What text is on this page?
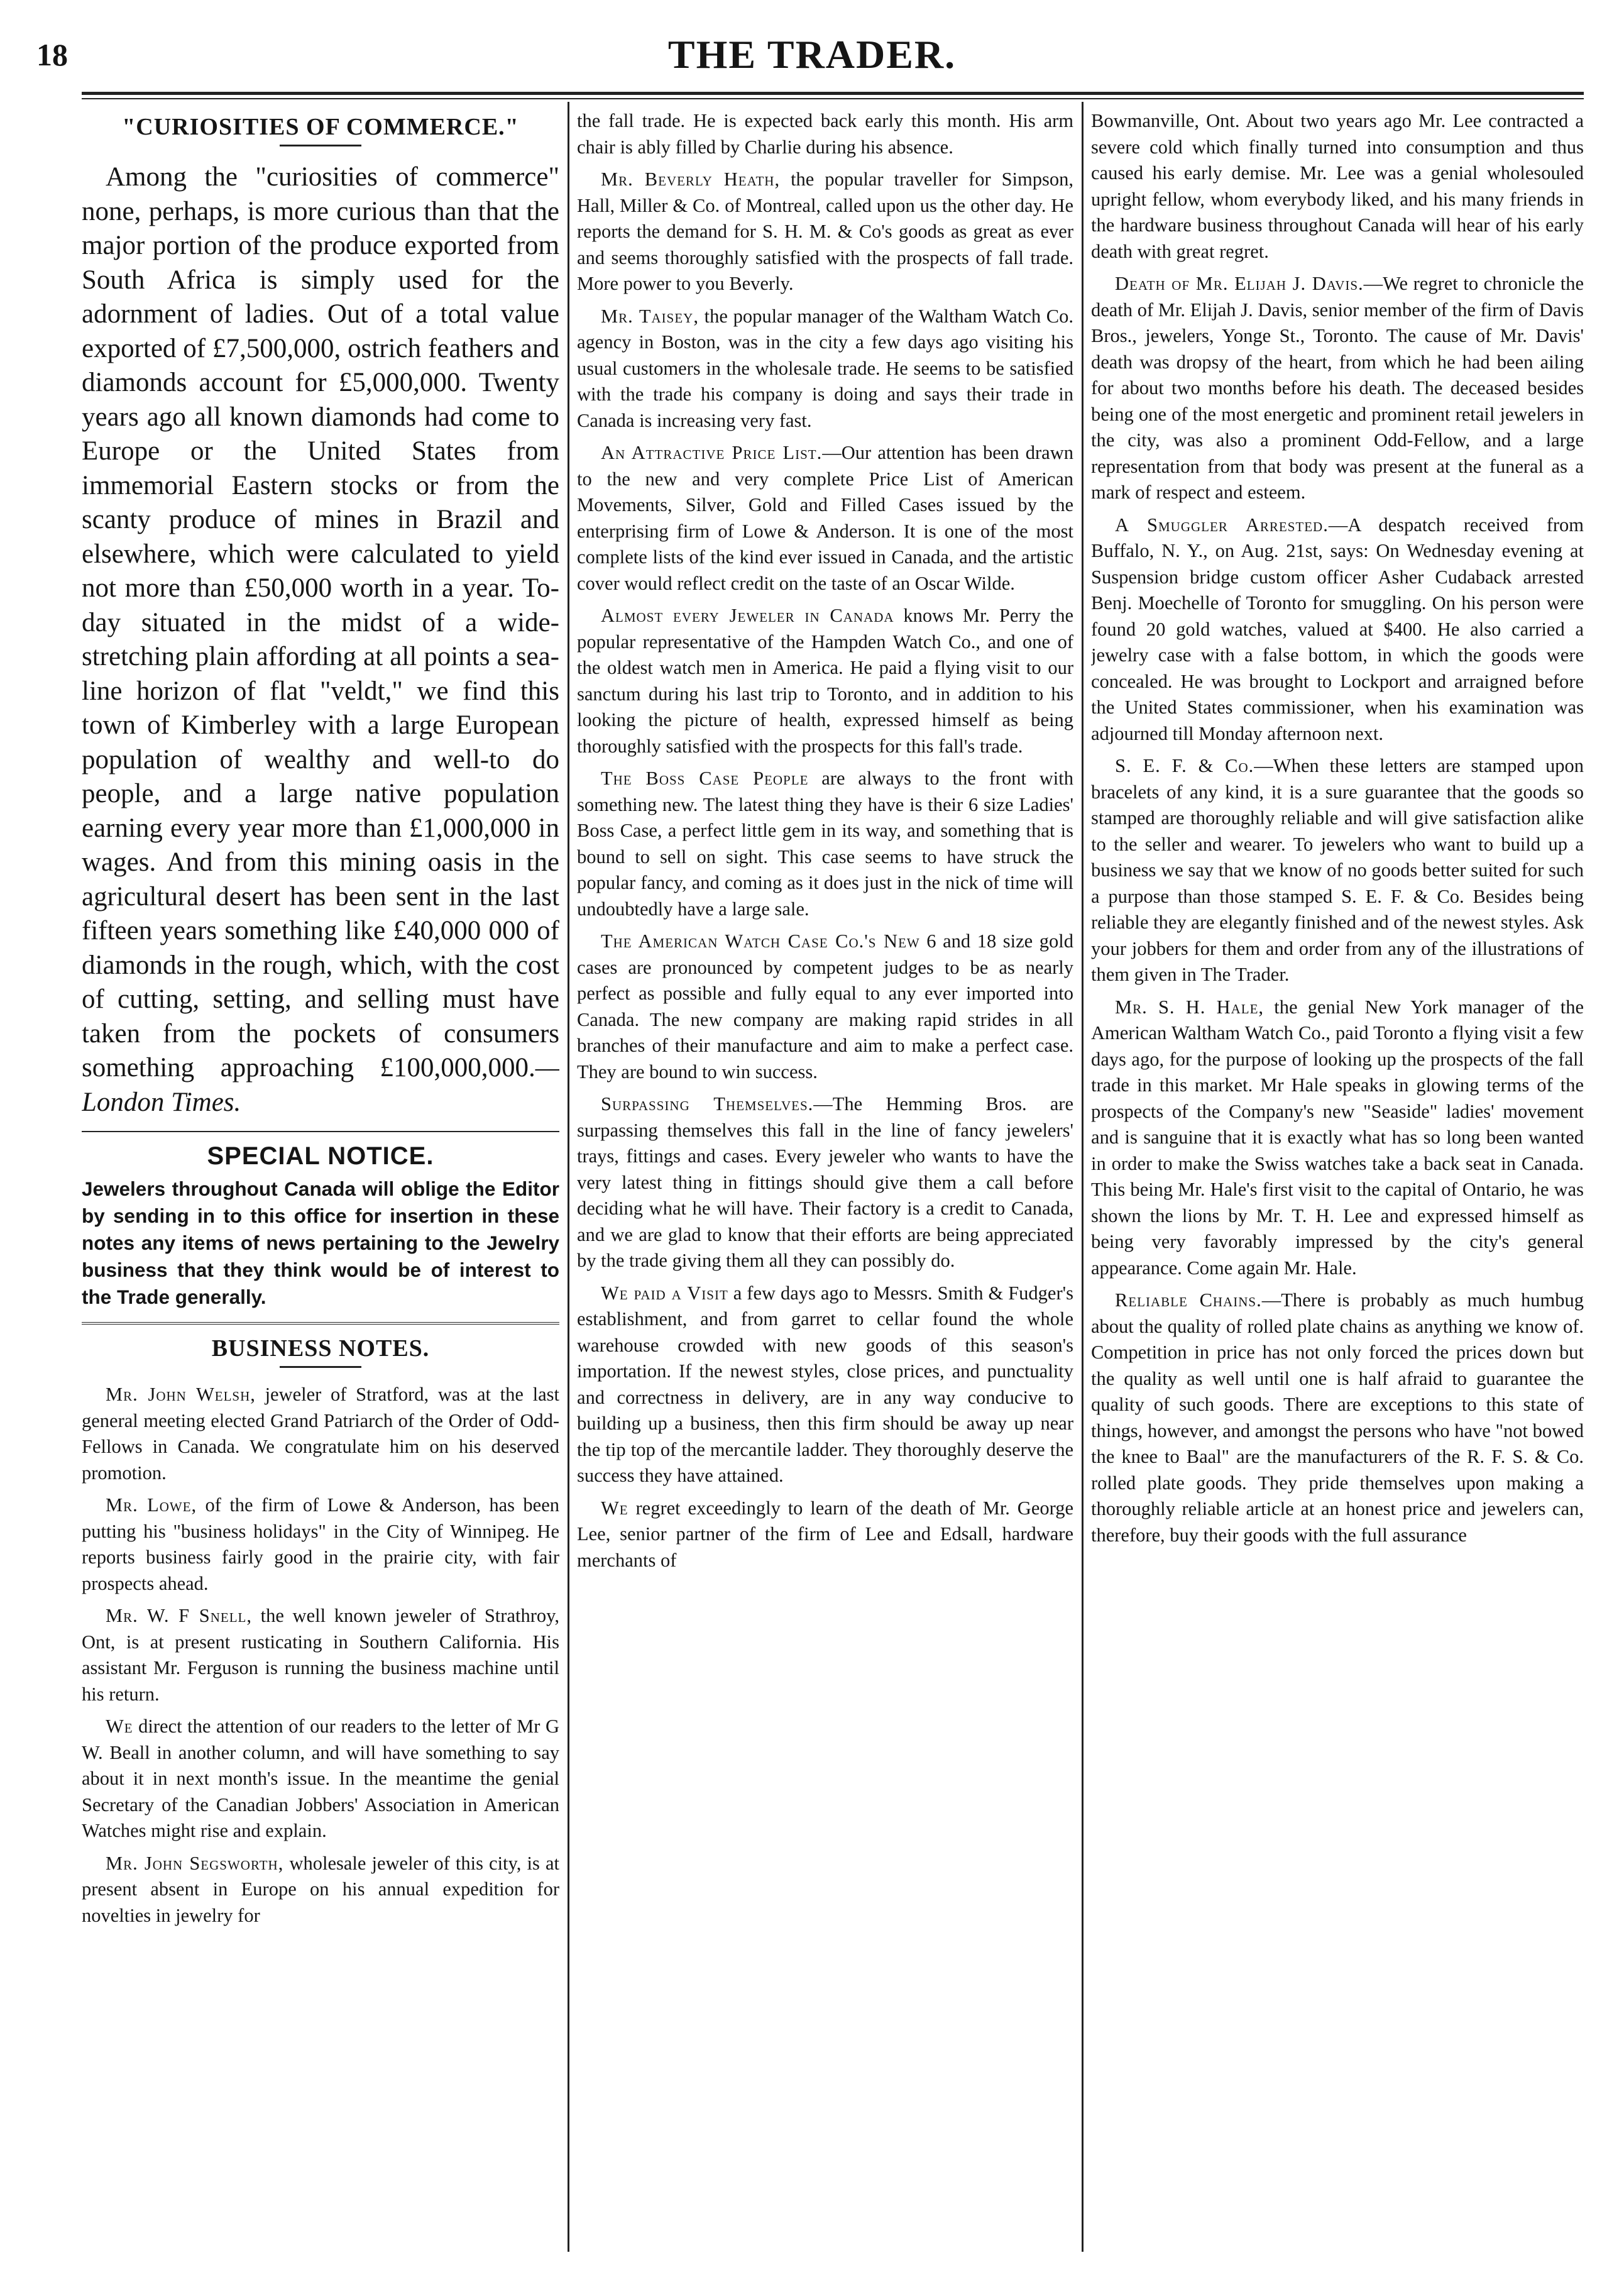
18	THE TRADER.
"CURIOSITIES OF COMMERCE."

Among the "curiosities of commerce" none, perhaps, is more curious than that the major portion of the produce exported from South Africa is simply used for the adornment of ladies. Out of a total value exported of £7,500,000, ostrich feathers and diamonds account for £5,000,000. Twenty years ago all known diamonds had come to Europe or the United States from immemorial Eastern stocks or from the scanty produce of mines in Brazil and elsewhere, which were calculated to yield not more than £50,000 worth in a year. To-day situated in the midst of a wide-stretching plain affording at all points a sea-line horizon of flat "veldt," we find this town of Kimberley with a large European population of wealthy and well-to do people, and a large native population earning every year more than £1,000,000 in wages. And from this mining oasis in the agricultural desert has been sent in the last fifteen years something like £40,000 000 of diamonds in the rough, which, with the cost of cutting, setting, and selling must have taken from the pockets of consumers something approaching £100,000,000.—London Times.

SPECIAL NOTICE.

Jewelers throughout Canada will oblige the Editor by sending in to this office for insertion in these notes any items of news pertaining to the Jewelry business that they think would be of interest to the Trade generally.

BUSINESS NOTES.

Mr. John Welsh, jeweler of Stratford, was at the last general meeting elected Grand Patriarch of the Order of Odd-Fellows in Canada. We congratulate him on his deserved promotion.

Mr. Lowe, of the firm of Lowe & Anderson, has been putting his "business holidays" in the City of Winnipeg. He reports business fairly good in the prairie city, with fair prospects ahead.

Mr. W. F Snell, the well known jeweler of Strathroy, Ont, is at present rusticating in Southern California. His assistant Mr. Ferguson is running the business machine until his return.

We direct the attention of our readers to the letter of Mr G W. Beall in another column, and will have something to say about it in next month's issue. In the meantime the genial Secretary of the Canadian Jobbers' Association in American Watches might rise and explain.

Mr. John Segsworth, wholesale jeweler of this city, is at present absent in Europe on his annual expedition for novelties in jewelry for

the fall trade. He is expected back early this month. His arm chair is ably filled by Charlie during his absence.

Mr. Beverly Heath, the popular traveller for Simpson, Hall, Miller & Co. of Montreal, called upon us the other day. He reports the demand for S. H. M. & Co's goods as great as ever and seems thoroughly satisfied with the prospects of fall trade. More power to you Beverly.

Mr. Taisey, the popular manager of the Waltham Watch Co. agency in Boston, was in the city a few days ago visiting his usual customers in the wholesale trade. He seems to be satisfied with the trade his company is doing and says their trade in Canada is increasing very fast.

An Attractive Price List.—Our attention has been drawn to the new and very complete Price List of American Movements, Silver, Gold and Filled Cases issued by the enterprising firm of Lowe & Anderson. It is one of the most complete lists of the kind ever issued in Canada, and the artistic cover would reflect credit on the taste of an Oscar Wilde.

Almost every Jeweler in Canada knows Mr. Perry the popular representative of the Hampden Watch Co., and one of the oldest watch men in America. He paid a flying visit to our sanctum during his last trip to Toronto, and in addition to his looking the picture of health, expressed himself as being thoroughly satisfied with the prospects for this fall's trade.

The Boss Case People are always to the front with something new. The latest thing they have is their 6 size Ladies' Boss Case, a perfect little gem in its way, and something that is bound to sell on sight. This case seems to have struck the popular fancy, and coming as it does just in the nick of time will undoubtedly have a large sale.

The American Watch Case Co.'s New 6 and 18 size gold cases are pronounced by competent judges to be as nearly perfect as possible and fully equal to any ever imported into Canada. The new company are making rapid strides in all branches of their manufacture and aim to make a perfect case. They are bound to win success.

Surpassing Themselves.—The Hemming Bros. are surpassing themselves this fall in the line of fancy jewelers' trays, fittings and cases. Every jeweler who wants to have the very latest thing in fittings should give them a call before deciding what he will have. Their factory is a credit to Canada, and we are glad to know that their efforts are being appreciated by the trade giving them all they can possibly do.

We paid a Visit a few days ago to Messrs. Smith & Fudger's establishment, and from garret to cellar found the whole warehouse crowded with new goods of this season's importation. If the newest styles, close prices, and punctuality and correctness in delivery, are in any way conducive to building up a business, then this firm should be away up near the tip top of the mercantile ladder. They thoroughly deserve the success they have attained.

We regret exceedingly to learn of the death of Mr. George Lee, senior partner of the firm of Lee and Edsall, hardware merchants of

Bowmanville, Ont. About two years ago Mr. Lee contracted a severe cold which finally turned into consumption and thus caused his early demise. Mr. Lee was a genial wholesouled upright fellow, whom everybody liked, and his many friends in the hardware business throughout Canada will hear of his early death with great regret.

Death of Mr. Elijah J. Davis.—We regret to chronicle the death of Mr. Elijah J. Davis, senior member of the firm of Davis Bros., jewelers, Yonge St., Toronto. The cause of Mr. Davis' death was dropsy of the heart, from which he had been ailing for about two months before his death. The deceased besides being one of the most energetic and prominent retail jewelers in the city, was also a prominent Odd-Fellow, and a large representation from that body was present at the funeral as a mark of respect and esteem.

A Smuggler Arrested.—A despatch received from Buffalo, N. Y., on Aug. 21st, says: On Wednesday evening at Suspension bridge custom officer Asher Cudaback arrested Benj. Moechelle of Toronto for smuggling. On his person were found 20 gold watches, valued at $400. He also carried a jewelry case with a false bottom, in which the goods were concealed. He was brought to Lockport and arraigned before the United States commissioner, when his examination was adjourned till Monday afternoon next.

S. E. F. & Co.—When these letters are stamped upon bracelets of any kind, it is a sure guarantee that the goods so stamped are thoroughly reliable and will give satisfaction alike to the seller and wearer. To jewelers who want to build up a business we say that we know of no goods better suited for such a purpose than those stamped S. E. F. & Co. Besides being reliable they are elegantly finished and of the newest styles. Ask your jobbers for them and order from any of the illustrations of them given in The Trader.

Mr. S. H. Hale, the genial New York manager of the American Waltham Watch Co., paid Toronto a flying visit a few days ago, for the purpose of looking up the prospects of the fall trade in this market. Mr Hale speaks in glowing terms of the prospects of the Company's new "Seaside" ladies' movement and is sanguine that it is exactly what has so long been wanted in order to make the Swiss watches take a back seat in Canada. This being Mr. Hale's first visit to the capital of Ontario, he was shown the lions by Mr. T. H. Lee and expressed himself as being very favorably impressed by the city's general appearance. Come again Mr. Hale.

Reliable Chains.—There is probably as much humbug about the quality of rolled plate chains as anything we know of. Competition in price has not only forced the prices down but the quality as well until one is half afraid to guarantee the quality of such goods. There are exceptions to this state of things, however, and amongst the persons who have "not bowed the knee to Baal" are the manufacturers of the R. F. S. & Co. rolled plate goods. They pride themselves upon making a thoroughly reliable article at an honest price and jewelers can, therefore, buy their goods with the full assurance
